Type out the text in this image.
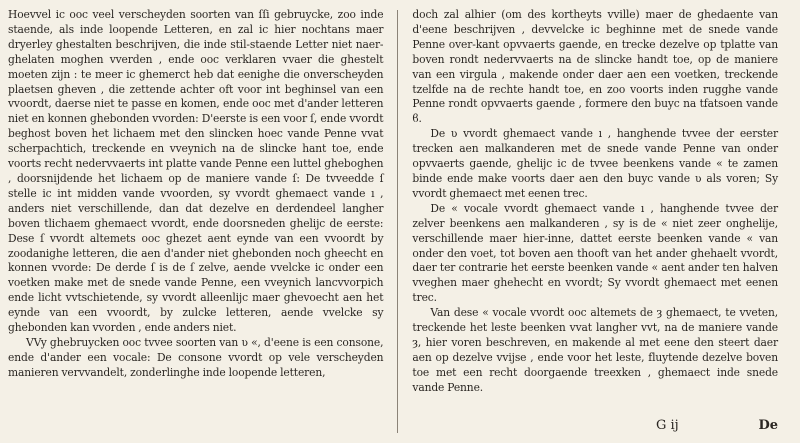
Hoevvel ic ooc veel verscheyden soorten van ſſi gebruycke, zoo inde staende, als inde loopende Letteren, en zal ic hier nochtans maer dryerley ghestalten beschrijven, die inde stil-staende Letter niet naer-ghelaten moghen vverden , ende ooc verklaren vvaer die ghestelt moeten zijn : te meer ic ghemerct heb dat eenighe die onverscheyden plaetsen gheven , die zettende achter oft voor int beghinsel van een vvoordt, daerse niet te passe en komen, ende ooc met d'ander letteren niet en konnen ghebonden vvorden: D'eerste is een voor ſ, ende vvordt beghost boven het lichaem met den slincken hoec vande Penne vvat scherpachtich, treckende en vveynich na de slincke hant toe, ende voorts recht nedervvaerts int platte vande Penne een luttel gheboghen , doorsnijdende het lichaem op de maniere vande ſ: De tvveedde ſ stelle ic int midden vande vvoorden, sy vvordt ghemaect vande ı , anders niet verschillende, dan dat dezelve en derdendeel langher boven tlichaem ghemaect vvordt, ende doorsneden ghelijc de eerste: Dese ſ vvordt altemets ooc ghezet aent eynde van een vvoordt by zoodanighe letteren, die aen d'ander niet ghebonden noch gheecht en konnen vvorde: De derde ſ is de ſ zelve, aende vvelcke ic onder een voetken make met de snede vande Penne, een vveynich lancvvorpich ende licht vvtschietende, sy vvordt alleenlijc maer ghevoecht aen het eynde van een vvoordt, by zulcke letteren, aende vvelcke sy ghebonden kan vvorden , ende anders niet.

VVy ghebruycken ooc tvvee soorten van ʋ «, d'eene is een consone, ende d'ander een vocale: De consone vvordt op vele verscheyden manieren vervvandelt, zonderlinghe inde loopende letteren,

doch zal alhier (om des kortheyts vville) maer de ghedaente van d'eene beschrijven , devvelcke ic beghinne met de snede vande Penne over-kant opvvaerts gaende, en trecke dezelve op tplatte van boven rondt nedervvaerts na de slincke handt toe, op de maniere van een virgula , makende onder daer aen een voetken, treckende tzelfde na de rechte handt toe, en zoo voorts inden rugghe vande Penne rondt opvvaerts gaende , formere den buyc na tfatsoen vande ϐ.

De ʋ vvordt ghemaect vande ı , hanghende tvvee der eerster trecken aen malkanderen met de snede vande Penne van onder opvvaerts gaende, ghelijc ic de tvvee beenkens vande « te zamen binde ende make voorts daer aen den buyc vande ʋ als voren; Sy vvordt ghemaect met eenen trec.

De « vocale vvordt ghemaect vande ı , hanghende tvvee der zelver beenkens aen malkanderen , sy is de « niet zeer onghelije, verschillende maer hier-inne, dattet eerste beenken vande « van onder den voet, tot boven aen thooft van het ander ghehaelt vvordt, daer ter contrarie het eerste beenken vande « aent ander ten halven vveghen maer ghehecht en vvordt; Sy vvordt ghemaect met eenen trec.

Van dese « vocale vvordt ooc altemets de ȝ ghemaect, te vveten, treckende het leste beenken vvat langher vvt, na de maniere vande ȝ, hier voren beschreven, en makende al met eene den steert daer aen op dezelve vvijse , ende voor het leste, fluytende dezelve boven toe met een recht doorgaende treexken , ghemaect inde snede vande Penne.

G ij	De
